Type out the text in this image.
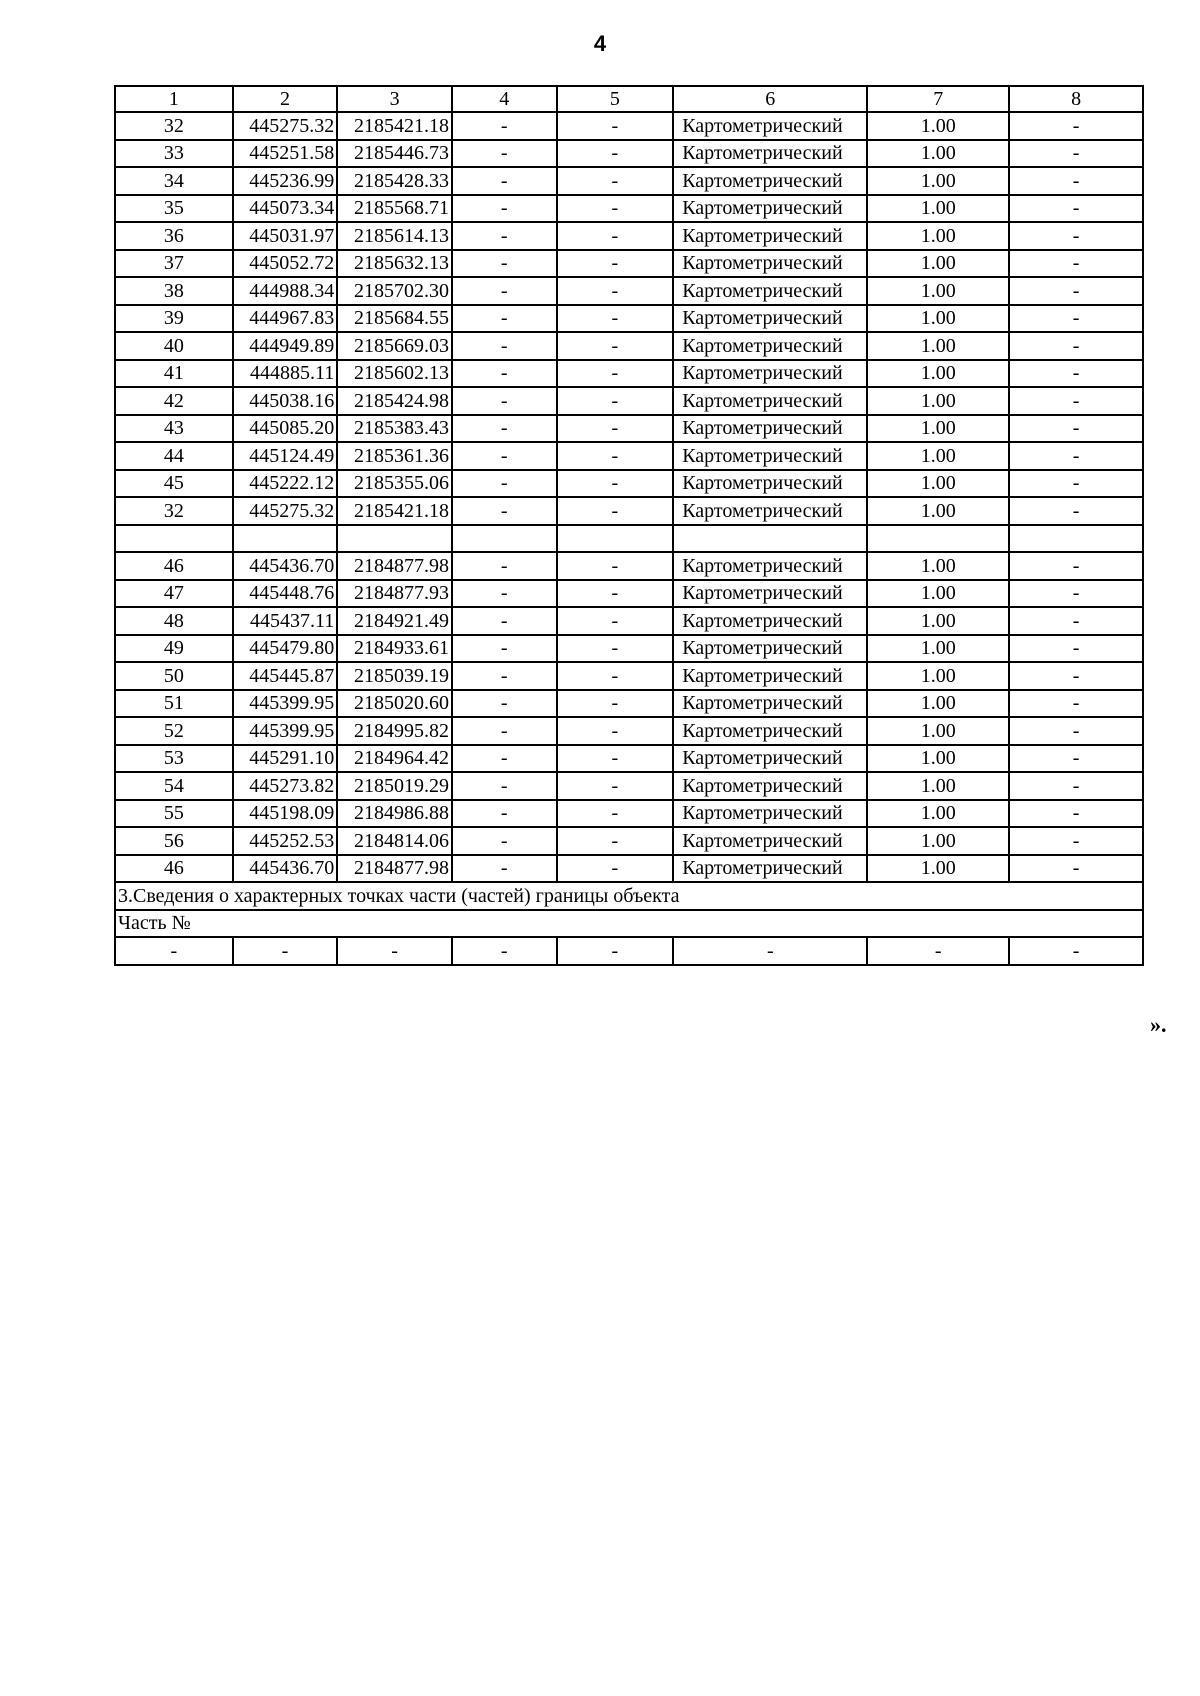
4
1	2	3	4	5	6	7	8
32	445275.32	2185421.18	-	-	Картометрический	1.00	-
33	445251.58	2185446.73	-	-	Картометрический	1.00	-
34	445236.99	2185428.33	-	-	Картометрический	1.00	-
35	445073.34	2185568.71	-	-	Картометрический	1.00	-
36	445031.97	2185614.13	-	-	Картометрический	1.00	-
37	445052.72	2185632.13	-	-	Картометрический	1.00	-
38	444988.34	2185702.30	-	-	Картометрический	1.00	-
39	444967.83	2185684.55	-	-	Картометрический	1.00	-
40	444949.89	2185669.03	-	-	Картометрический	1.00	-
41	444885.11	2185602.13	-	-	Картометрический	1.00	-
42	445038.16	2185424.98	-	-	Картометрический	1.00	-
43	445085.20	2185383.43	-	-	Картометрический	1.00	-
44	445124.49	2185361.36	-	-	Картометрический	1.00	-
45	445222.12	2185355.06	-	-	Картометрический	1.00	-
32	445275.32	2185421.18	-	-	Картометрический	1.00	-

46	445436.70	2184877.98	-	-	Картометрический	1.00	-
47	445448.76	2184877.93	-	-	Картометрический	1.00	-
48	445437.11	2184921.49	-	-	Картометрический	1.00	-
49	445479.80	2184933.61	-	-	Картометрический	1.00	-
50	445445.87	2185039.19	-	-	Картометрический	1.00	-
51	445399.95	2185020.60	-	-	Картометрический	1.00	-
52	445399.95	2184995.82	-	-	Картометрический	1.00	-
53	445291.10	2184964.42	-	-	Картометрический	1.00	-
54	445273.82	2185019.29	-	-	Картометрический	1.00	-
55	445198.09	2184986.88	-	-	Картометрический	1.00	-
56	445252.53	2184814.06	-	-	Картометрический	1.00	-
46	445436.70	2184877.98	-	-	Картометрический	1.00	-
3.Сведения о характерных точках части (частей) границы объекта							
Часть №							
-	-	-	-	-	-	-	-
».
